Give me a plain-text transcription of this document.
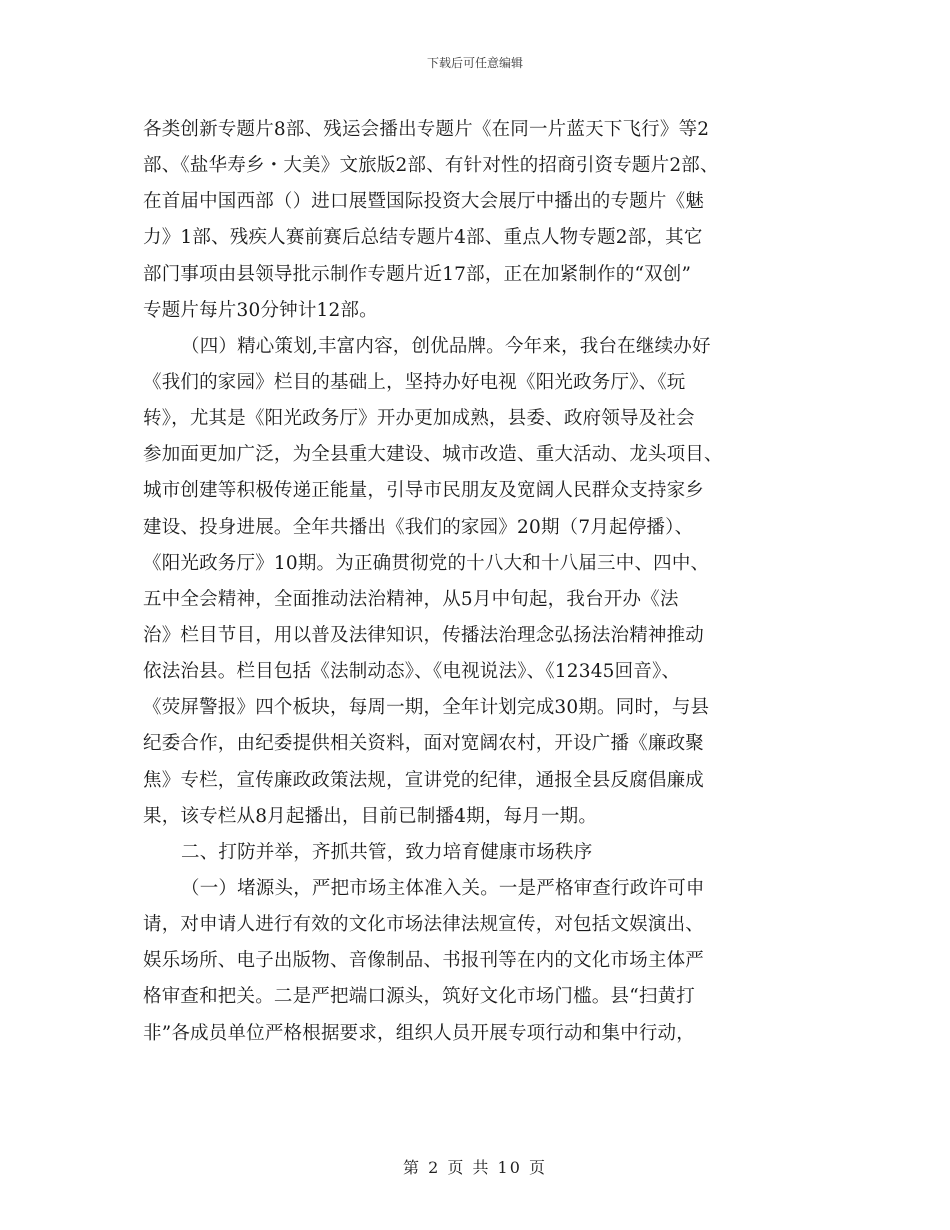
下载后可任意编辑
各类创新专题片8部、残运会播出专题片《在同一片蓝天下飞行》等2
部、《盐华寿乡・大美》文旅版2部、有针对性的招商引资专题片2部、
在首届中国西部（）进口展暨国际投资大会展厅中播出的专题片《魅
力》1部、残疾人赛前赛后总结专题片4部、重点人物专题2部，其它
部门事项由县领导批示制作专题片近17部，正在加紧制作的“双创”
专题片每片30分钟计12部。
（四）精心策划,丰富内容，创优品牌。今年来，我台在继续办好
《我们的家园》栏目的基础上，坚持办好电视《阳光政务厅》、《玩
转》，尤其是《阳光政务厅》开办更加成熟，县委、政府领导及社会
参加面更加广泛，为全县重大建设、城市改造、重大活动、龙头项目、
城市创建等积极传递正能量，引导市民朋友及宽阔人民群众支持家乡
建设、投身进展。全年共播出《我们的家园》20期（7月起停播）、
《阳光政务厅》10期。为正确贯彻党的十八大和十八届三中、四中、
五中全会精神，全面推动法治精神，从5月中旬起，我台开办《法
治》栏目节目，用以普及法律知识，传播法治理念弘扬法治精神推动
依法治县。栏目包括《法制动态》、《电视说法》、《12345回音》、
《荧屏警报》四个板块，每周一期，全年计划完成30期。同时，与县
纪委合作，由纪委提供相关资料，面对宽阔农村，开设广播《廉政聚
焦》专栏，宣传廉政政策法规，宣讲党的纪律，通报全县反腐倡廉成
果，该专栏从8月起播出，目前已制播4期，每月一期。
二、打防并举，齐抓共管，致力培育健康市场秩序
（一）堵源头，严把市场主体准入关。一是严格审查行政许可申
请，对申请人进行有效的文化市场法律法规宣传，对包括文娱演出、
娱乐场所、电子出版物、音像制品、书报刊等在内的文化市场主体严
格审查和把关。二是严把端口源头，筑好文化市场门槛。县“扫黄打
非”各成员单位严格根据要求，组织人员开展专项行动和集中行动，
第 2 页 共 10 页
